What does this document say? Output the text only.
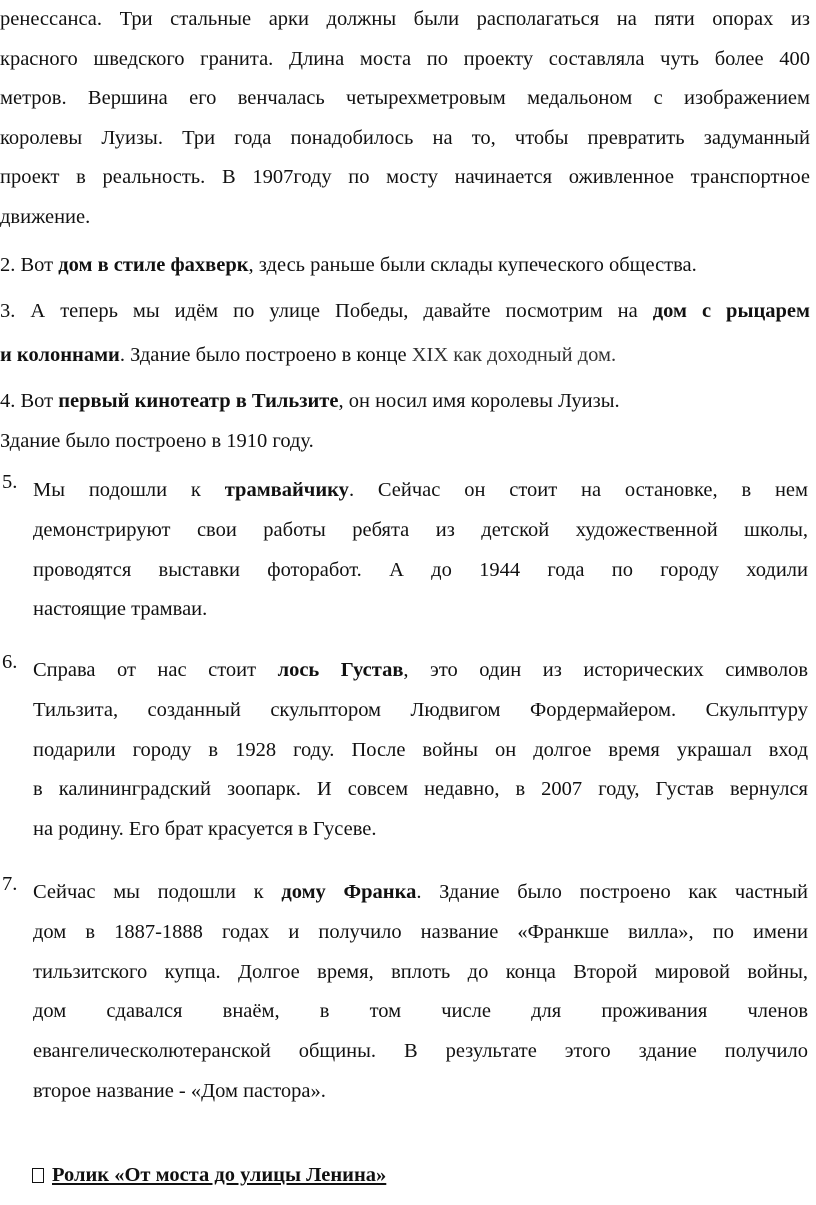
ренессанса. Три стальные арки должны были располагаться на пяти опорах из
красного шведского гранита. Длина моста по проекту составляла чуть более 400
метров. Вершина его венчалась четырехметровым медальоном с изображением
королевы Луизы. Три года понадобилось на то, чтобы превратить задуманный
проект в реальность. В 1907году по мосту начинается оживленное транспортное
движение.

2. Вот дом в стиле фахверк, здесь раньше были склады купеческого общества.

3. А теперь мы идём по улице Победы, давайте посмотрим на дом с рыцарем

и колоннами. Здание было построено в конце XIX как доходный дом.

4. Вот первый кинотеатр в Тильзите, он носил имя королевы Луизы.

Здание было построено в 1910 году.

5. Мы подошли к трамвайчику. Сейчас он стоит на остановке, в нем
демонстрируют свои работы ребята из детской художественной школы,
проводятся выставки фоторабот. А до 1944 года по городу ходили
настоящие трамваи.
6. Справа от нас стоит лось Густав, это один из исторических символов
Тильзита, созданный скульптором Людвигом Фордермайером. Скульптуру
подарили городу в 1928 году. После войны он долгое время украшал вход
в калининградский зоопарк. И совсем недавно, в 2007 году, Густав вернулся
на родину. Его брат красуется в Гусеве.
7. Сейчас мы подошли к дому Франка. Здание было построено как частный
дом в 1887-1888 годах и получило название «Франкше вилла», по имени
тильзитского купца. Долгое время, вплоть до конца Второй мировой войны,
дом сдавался внаём, в том числе для проживания членов
евангелическолютеранской общины. В результате этого здание получило
второе название - «Дом пастора».

Ролик «От моста до улицы Ленина»
